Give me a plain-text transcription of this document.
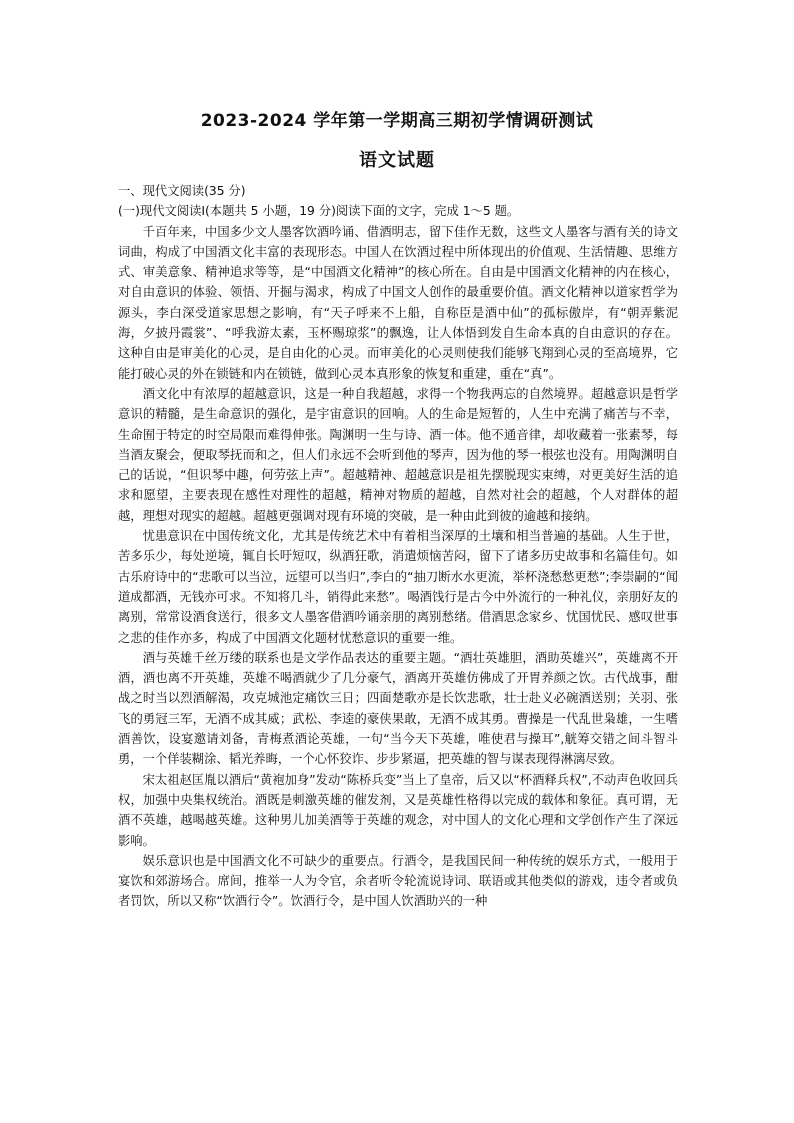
2023-2024 学年第一学期高三期初学情调研测试
语文试题

一、现代文阅读(35 分)

(一)现代文阅读Ⅰ(本题共 5 小题，19 分)阅读下面的文字，完成 1～5 题。

千百年来，中国多少文人墨客饮酒吟诵、借酒明志，留下佳作无数，这些文人墨客与酒有关的诗文词曲，构成了中国酒文化丰富的表现形态。中国人在饮酒过程中所体现出的价值观、生活情趣、思维方式、审美意象、精神追求等等，是“中国酒文化精神”的核心所在。自由是中国酒文化精神的内在核心，对自由意识的体验、领悟、开掘与渴求，构成了中国文人创作的最重要价值。酒文化精神以道家哲学为源头，李白深受道家思想之影响，有“天子呼来不上船，自称臣是酒中仙”的孤标傲岸，有“朝弄紫泥海，夕披丹霞裳”、“呼我游太素，玉杯赐琼浆”的飘逸，让人体悟到发自生命本真的自由意识的存在。这种自由是审美化的心灵，是自由化的心灵。而审美化的心灵则使我们能够飞翔到心灵的至高境界，它能打破心灵的外在锁链和内在锁链，做到心灵本真形象的恢复和重建，重在“真”。

酒文化中有浓厚的超越意识，这是一种自我超越，求得一个物我两忘的自然境界。超越意识是哲学意识的精髓，是生命意识的强化，是宇宙意识的回响。人的生命是短暂的，人生中充满了痛苦与不幸，生命囿于特定的时空局限而难得伸张。陶渊明一生与诗、酒一体。他不通音律，却收藏着一张素琴，每当酒友聚会，便取琴抚而和之，但人们永远不会听到他的琴声，因为他的琴一根弦也没有。用陶渊明自己的话说，“但识琴中趣，何劳弦上声”。超越精神、超越意识是祖先摆脱现实束缚，对更美好生活的追求和愿望，主要表现在感性对理性的超越，精神对物质的超越，自然对社会的超越，个人对群体的超越，理想对现实的超越。超越更强调对现有环境的突破，是一种由此到彼的逾越和接纳。

忧患意识在中国传统文化，尤其是传统艺术中有着相当深厚的土壤和相当普遍的基础。人生于世，苦多乐少，每处逆境，辄自长吁短叹，纵酒狂歌，消遣烦恼苦闷，留下了诸多历史故事和名篇佳句。如古乐府诗中的“悲歌可以当泣，远望可以当归”,李白的“抽刀断水水更流，举杯浇愁愁更愁”;李崇嗣的“闻道成都酒，无钱亦可求。不知将几斗，销得此来愁”。喝酒饯行是古今中外流行的一种礼仪，亲朋好友的离别，常常设酒食送行，很多文人墨客借酒吟诵亲朋的离别愁绪。借酒思念家乡、忧国忧民、感叹世事之悲的佳作亦多，构成了中国酒文化题材忧愁意识的重要一维。

酒与英雄千丝万缕的联系也是文学作品表达的重要主题。“酒壮英雄胆，酒助英雄兴”，英雄离不开酒，酒也离不开英雄，英雄不喝酒就少了几分豪气，酒离开英雄仿佛成了开胃养颜之饮。古代战事，酣战之时当以烈酒解渴，攻克城池定痛饮三日；四面楚歌亦是长饮悲歌，壮士赴义必碗酒送别；关羽、张飞的勇冠三军，无酒不成其威；武松、李逵的豪侠果敢，无酒不成其勇。曹操是一代乱世枭雄，一生嗜酒善饮，设宴邀请刘备，青梅煮酒论英雄，一句“当今天下英雄，唯使君与操耳”,觥筹交错之间斗智斗勇，一个佯装糊涂、韬光养晦，一个心怀狡诈、步步紧逼，把英雄的智与谋表现得淋漓尽致。

宋太祖赵匡胤以酒后“黄袍加身”发动“陈桥兵变”当上了皇帝，后又以“杯酒释兵权”,不动声色收回兵权，加强中央集权统治。酒既是刺激英雄的催发剂，又是英雄性格得以完成的载体和象征。真可谓，无酒不英雄，越喝越英雄。这种男儿加美酒等于英雄的观念，对中国人的文化心理和文学创作产生了深远影响。

娱乐意识也是中国酒文化不可缺少的重要点。行酒令，是我国民间一种传统的娱乐方式，一般用于宴饮和郊游场合。席间，推举一人为令官，余者听令轮流说诗词、联语或其他类似的游戏，违令者或负者罚饮，所以又称“饮酒行令”。饮酒行令，是中国人饮酒助兴的一种
